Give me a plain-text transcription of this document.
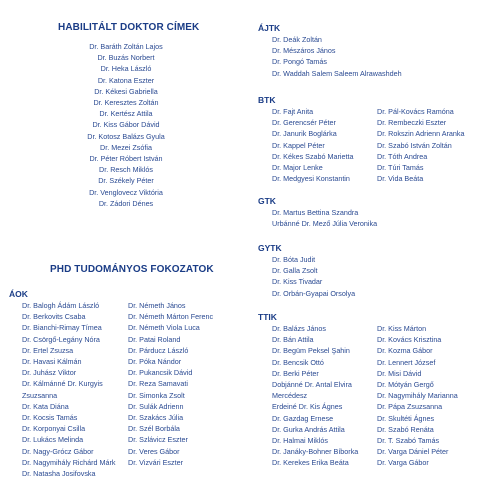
HABILITÁLT DOKTOR CÍMEK
Dr. Baráth Zoltán Lajos
Dr. Buzás Norbert
Dr. Heka László
Dr. Katona Eszter
Dr. Kékesi Gabriella
Dr. Keresztes Zoltán
Dr. Kertész Attila
Dr. Kiss Gábor Dávid
Dr. Kotosz Balázs Gyula
Dr. Mezei Zsófia
Dr. Péter Róbert István
Dr. Resch Miklós
Dr. Székely Péter
Dr. Venglovecz Viktória
Dr. Zádori Dénes
PHD TUDOMÁNYOS FOKOZATOK
ÁOK
Dr. Balogh Ádám László
Dr. Berkovits Csaba
Dr. Bianchi-Rimay Tímea
Dr. Csörgő-Legány Nóra
Dr. Ertel Zsuzsa
Dr. Havasi Kálmán
Dr. Juhász Viktor
Dr. Kálmánné Dr. Kurgyis
Zsuzsanna
Dr. Kata Diána
Dr. Kocsis Tamás
Dr. Korponyai Csilla
Dr. Lukács Melinda
Dr. Nagy-Grócz Gábor
Dr. Nagymihály Richárd Márk
Dr. Natasha Josifovska
Dr. Németh János
Dr. Németh Márton Ferenc
Dr. Németh Viola Luca
Dr. Patai Roland
Dr. Párducz László
Dr. Póka Nándor
Dr. Pukancsik Dávid
Dr. Reza Samavati
Dr. Simonka Zsolt
Dr. Sulák Adrienn
Dr. Szakács Júlia
Dr. Szél Borbála
Dr. Szlávicz Eszter
Dr. Veres Gábor
Dr. Vizvári Eszter
ÁJTK
Dr. Deák Zoltán
Dr. Mészáros János
Dr. Pongó Tamás
Dr. Waddah Salem Saleem Alrawashdeh
BTK
Dr. Fajt Anita
Dr. Gerencsér Péter
Dr. Janurik Boglárka
Dr. Kappel Péter
Dr. Kékes Szabó Marietta
Dr. Major Lenke
Dr. Medgyesi Konstantin
Dr. Pál-Kovács Ramóna
Dr. Rembeczki Eszter
Dr. Rokszin Adrienn Aranka
Dr. Szabó István Zoltán
Dr. Tóth Andrea
Dr. Túri Tamás
Dr. Vida Beáta
GTK
Dr. Martus Bettina Szandra
Urbánné Dr. Mező Júlia Veronika
GYTK
Dr. Bóta Judit
Dr. Galla Zsolt
Dr. Kiss Tivadar
Dr. Orbán-Gyapai Orsolya
TTIK
Dr. Balázs János
Dr. Bán Attila
Dr. Begüm Peksel Şahin
Dr. Bencsik Ottó
Dr. Berki Péter
Dobjánné Dr. Antal Elvira
Mercédesz
Erdeiné Dr. Kis Ágnes
Dr. Gazdag Ernese
Dr. Gurka András Attila
Dr. Halmai Miklós
Dr. Janáky-Bohner Bíborka
Dr. Kerekes Erika Beáta
Dr. Kiss Márton
Dr. Kovács Krisztina
Dr. Kozma Gábor
Dr. Lennert József
Dr. Misi Dávid
Dr. Mótyán Gergő
Dr. Nagymihály Marianna
Dr. Pápa Zsuzsanna
Dr. Skultéti Ágnes
Dr. Szabó Renáta
Dr. T. Szabó Tamás
Dr. Varga Dániel Péter
Dr. Varga Gábor
